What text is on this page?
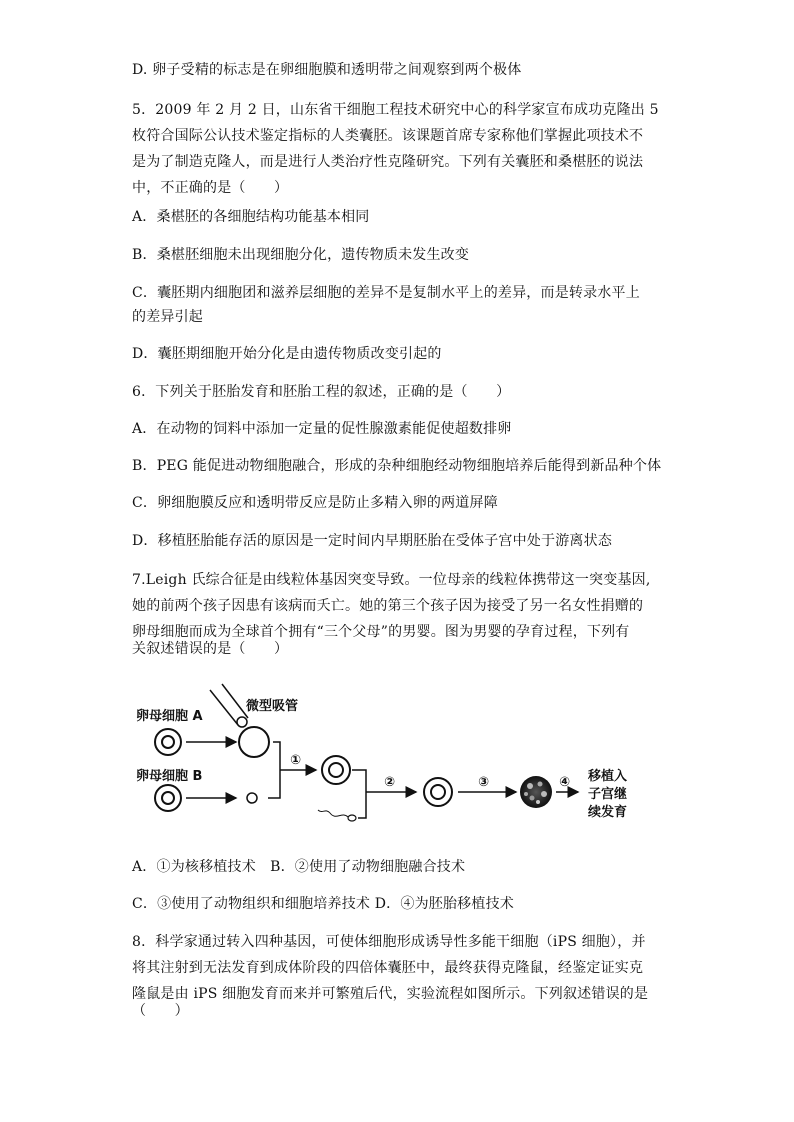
D. 卵子受精的标志是在卵细胞膜和透明带之间观察到两个极体
5．2009 年 2 月 2 日，山东省干细胞工程技术研究中心的科学家宣布成功克隆出 5
枚符合国际公认技术鉴定指标的人类囊胚。该课题首席专家称他们掌握此项技术不
是为了制造克隆人，而是进行人类治疗性克隆研究。下列有关囊胚和桑椹胚的说法
中，不正确的是（　　）
A．桑椹胚的各细胞结构功能基本相同
B．桑椹胚细胞未出现细胞分化，遗传物质未发生改变
C．囊胚期内细胞团和滋养层细胞的差异不是复制水平上的差异，而是转录水平上
的差异引起
D．囊胚期细胞开始分化是由遗传物质改变引起的
6．下列关于胚胎发育和胚胎工程的叙述，正确的是（　　）
A．在动物的饲料中添加一定量的促性腺激素能促使超数排卵
B．PEG 能促进动物细胞融合，形成的杂种细胞经动物细胞培养后能得到新品种个体
C．卵细胞膜反应和透明带反应是防止多精入卵的两道屏障
D．移植胚胎能存活的原因是一定时间内早期胚胎在受体子宫中处于游离状态
7.Leigh 氏综合征是由线粒体基因突变导致。一位母亲的线粒体携带这一突变基因,
她的前两个孩子因患有该病而夭亡。她的第三个孩子因为接受了另一名女性捐赠的
卵母细胞而成为全球首个拥有“三个父母”的男婴。图为男婴的孕育过程，下列有
关叙述错误的是（　　）
卵母细胞 A
微型吸管
卵母细胞 B
①
②	③	④ 移植入
子宫继
续发育
A．①为核移植技术　B．②使用了动物细胞融合技术
C．③使用了动物组织和细胞培养技术 D．④为胚胎移植技术
8．科学家通过转入四种基因，可使体细胞形成诱导性多能干细胞（iPS 细胞），并
将其注射到无法发育到成体阶段的四倍体囊胚中，最终获得克隆鼠，经鉴定证实克
隆鼠是由 iPS 细胞发育而来并可繁殖后代，实验流程如图所示。下列叙述错误的是
（　　）
